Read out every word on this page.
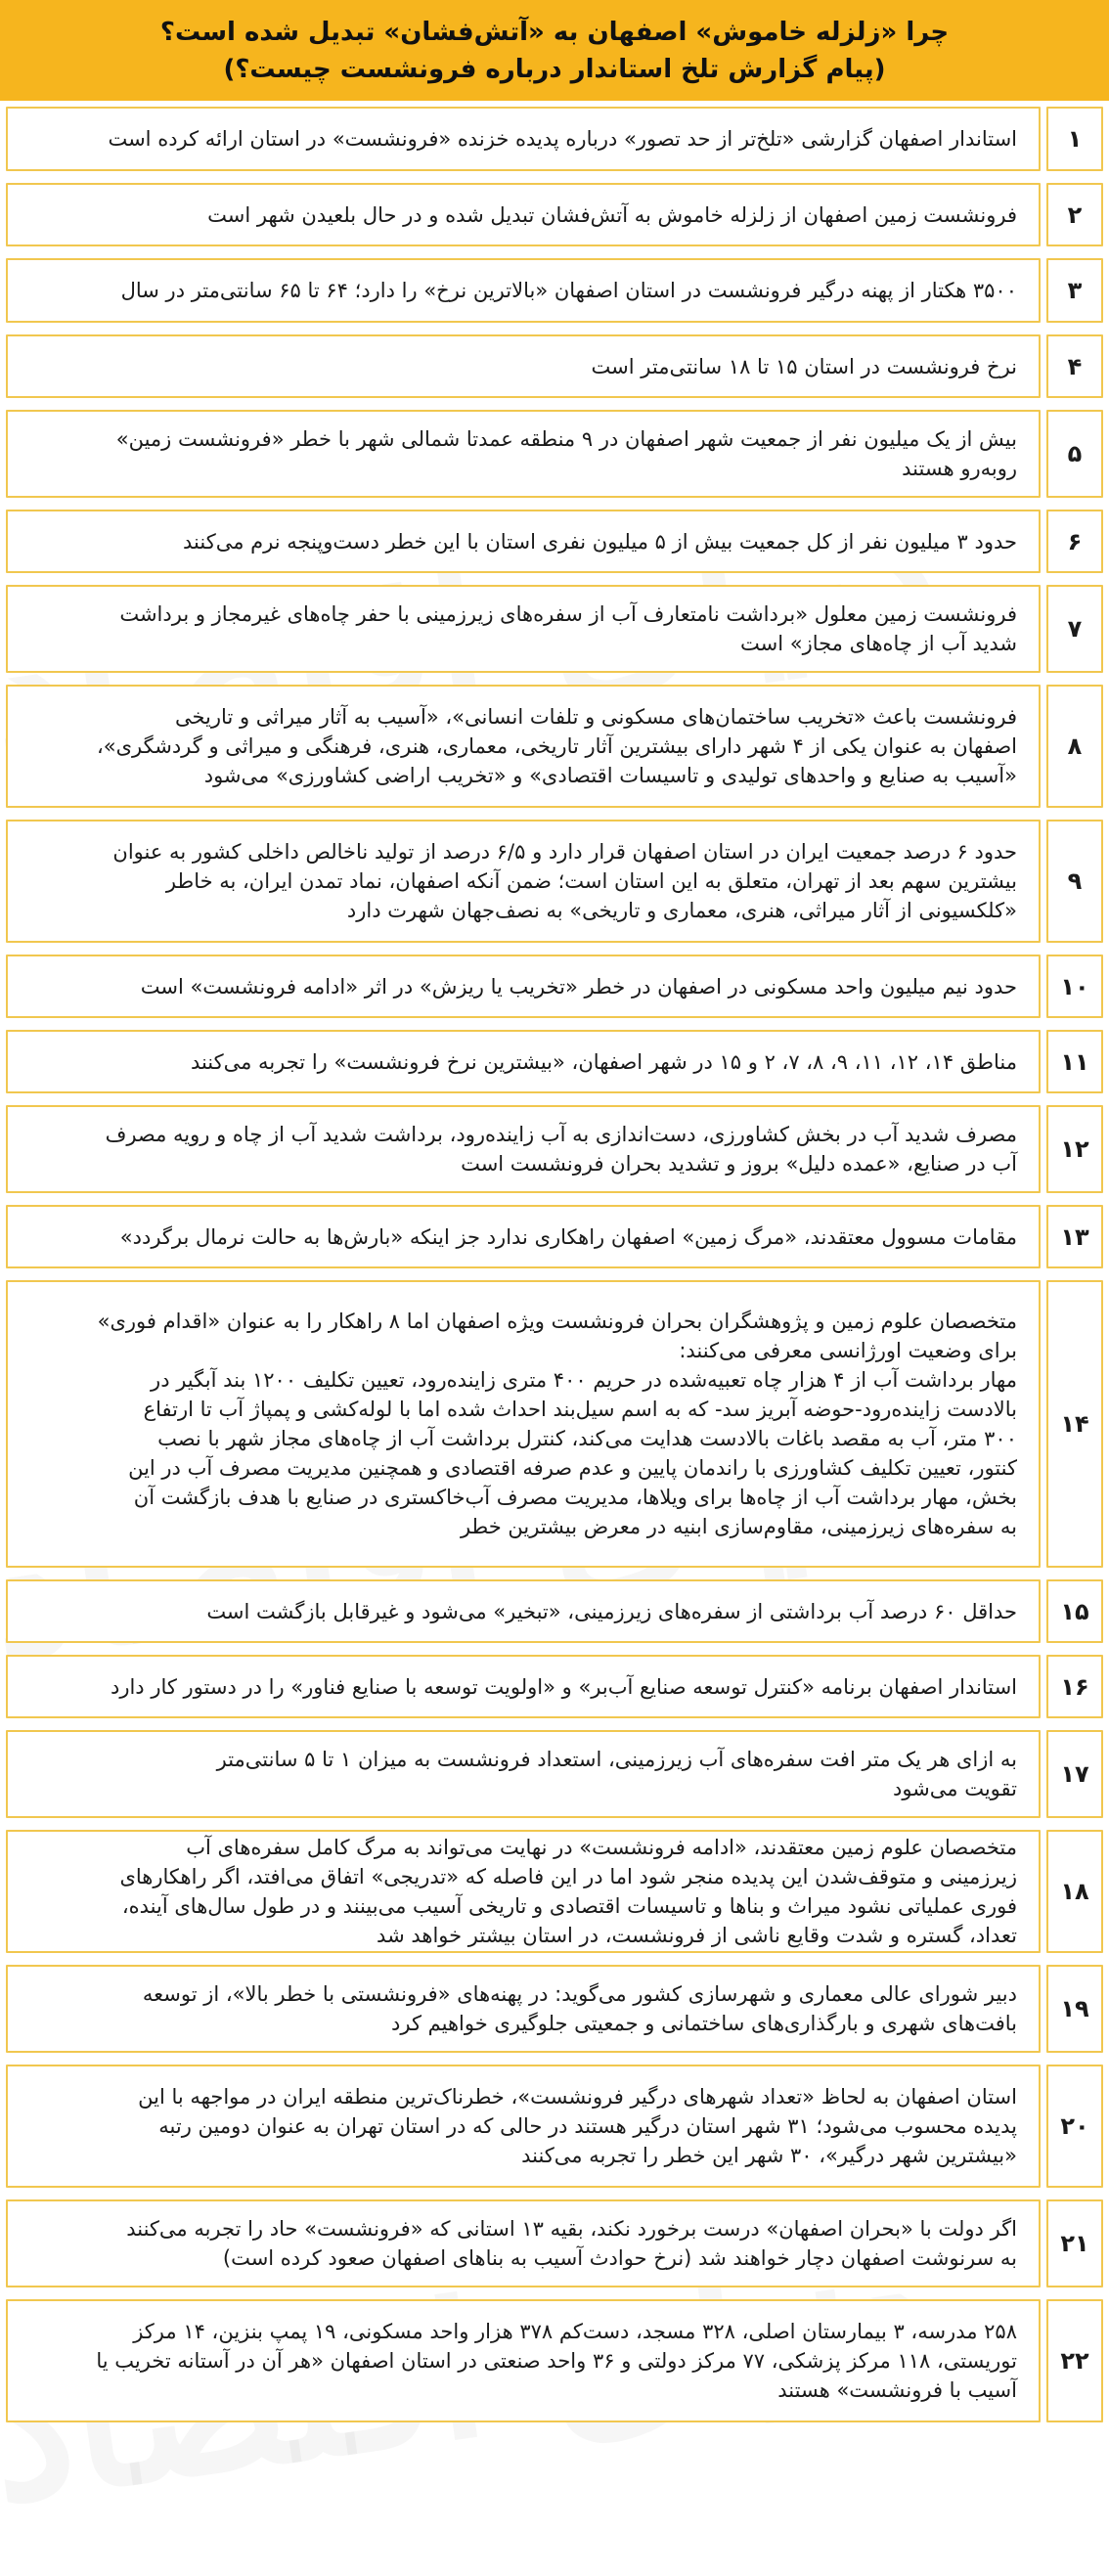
چرا «زلزله خاموش» اصفهان به «آتش‌فشان» تبدیل شده است؟
(پیام گزارش تلخ استاندار درباره فرونشست چیست؟)
۱

استاندار اصفهان گزارشی «تلخ‌تر از حد تصور» درباره پدیده خزنده «فرونشست» در استان ارائه کرده است

۲

فرونشست زمین اصفهان از زلزله خاموش به آتش‌فشان تبدیل شده و در حال بلعیدن شهر است

۳

۳۵۰۰ هکتار از پهنه درگیر فرونشست در استان اصفهان «بالاترین نرخ» را دارد؛ ۶۴ تا ۶۵ سانتی‌متر در سال

۴

نرخ فرونشست در استان ۱۵ تا ۱۸ سانتی‌متر است

۵

بیش از یک میلیون نفر از جمعیت شهر اصفهان در ۹ منطقه عمدتا شمالی شهر با خطر «فرونشست زمین»

روبه‌رو هستند

۶

حدود ۳ میلیون نفر از کل جمعیت بیش از ۵ میلیون نفری استان با این خطر دست‌وپنجه نرم می‌کنند

۷

فرونشست زمین معلول «برداشت نامتعارف آب از سفره‌های زیرزمینی با حفر چاه‌های غیرمجاز و برداشت

شدید آب از چاه‌های مجاز» است

۸

فرونشست باعث «تخریب ساختمان‌های مسکونی و تلفات انسانی»، «آسیب به آثار میراثی و تاریخی

اصفهان به عنوان یکی از ۴ شهر دارای بیشترین آثار تاریخی، معماری، هنری، فرهنگی و میراثی و گردشگری»،

«آسیب به صنایع و واحدهای تولیدی و تاسیسات اقتصادی» و «تخریب اراضی کشاورزی» می‌شود

۹

حدود ۶ درصد جمعیت ایران در استان اصفهان قرار دارد و ۶/۵ درصد از تولید ناخالص داخلی کشور به عنوان

بیشترین سهم بعد از تهران، متعلق به این استان است؛ ضمن آنکه اصفهان، نماد تمدن ایران، به خاطر

«کلکسیونی از آثار میراثی، هنری، معماری و تاریخی» به نصف‌جهان شهرت دارد

۱۰

حدود نیم میلیون واحد مسکونی در اصفهان در خطر «تخریب یا ریزش» در اثر «ادامه فرونشست» است

۱۱

مناطق ۱۴، ۱۲، ۱۱، ۹، ۸، ۷، ۲ و ۱۵ در شهر اصفهان، «بیشترین نرخ فرونشست» را تجربه می‌کنند

۱۲

مصرف شدید آب در بخش کشاورزی، دست‌اندازی به آب زاینده‌رود، برداشت شدید آب از چاه و رویه مصرف

آب در صنایع، «عمده دلیل» بروز و تشدید بحران فرونشست است

۱۳

مقامات مسوول معتقدند، «مرگ زمین» اصفهان راهکاری ندارد جز اینکه «بارش‌ها به حالت نرمال برگردد»

۱۴

متخصصان علوم زمین و پژوهشگران بحران فرونشست ویژه اصفهان اما ۸ راهکار را به عنوان «اقدام فوری»

برای وضعیت اورژانسی معرفی می‌کنند:

مهار برداشت آب از ۴ هزار چاه تعبیه‌شده در حریم ۴۰۰ متری زاینده‌رود، تعیین تکلیف ۱۲۰۰ بند آبگیر در

بالادست زاینده‌رود-حوضه آبریز سد- که به اسم سیل‌بند احداث شده اما با لوله‌کشی و پمپاژ آب تا ارتفاع

۳۰۰ متر، آب به مقصد باغات بالادست هدایت می‌کند، کنترل برداشت آب از چاه‌های مجاز شهر با نصب

کنتور، تعیین تکلیف کشاورزی با راندمان پایین و عدم صرفه اقتصادی و همچنین مدیریت مصرف آب در این

بخش، مهار برداشت آب از چاه‌ها برای ویلاها، مدیریت مصرف آب‌خاکستری در صنایع با هدف بازگشت آن

به سفره‌های زیرزمینی، مقاوم‌سازی ابنیه در معرض بیشترین خطر

۱۵

حداقل ۶۰ درصد آب برداشتی از سفره‌های زیرزمینی، «تبخیر» می‌شود و غیرقابل بازگشت است

۱۶

استاندار اصفهان برنامه «کنترل توسعه صنایع آب‌بر» و «اولویت توسعه با صنایع فناور» را در دستور کار دارد

۱۷

به ازای هر یک متر افت سفره‌های آب زیرزمینی، استعداد فرونشست به میزان ۱ تا ۵ سانتی‌متر

تقویت می‌شود

۱۸

متخصصان علوم زمین معتقدند، «ادامه فرونشست» در نهایت می‌تواند به مرگ کامل سفره‌های آب

زیرزمینی و متوقف‌شدن این پدیده منجر شود اما در این فاصله که «تدریجی» اتفاق می‌افتد، اگر راهکارهای

فوری عملیاتی نشود میراث و بناها و تاسیسات اقتصادی و تاریخی آسیب می‌بینند و در طول سال‌های آینده،

تعداد، گستره و شدت وقایع ناشی از فرونشست، در استان بیشتر خواهد شد

۱۹

دبیر شورای عالی معماری و شهرسازی کشور می‌گوید: در پهنه‌های «فرونشستی با خطر بالا»، از توسعه

بافت‌های شهری و بارگذاری‌های ساختمانی و جمعیتی جلوگیری خواهیم کرد

۲۰

استان اصفهان به لحاظ «تعداد شهرهای درگیر فرونشست»، خطرناک‌ترین منطقه ایران در مواجهه با این

پدیده محسوب می‌شود؛ ۳۱ شهر استان درگیر هستند در حالی که در استان تهران به عنوان دومین رتبه

«بیشترین شهر درگیر»، ۳۰ شهر این خطر را تجربه می‌کنند

۲۱

اگر دولت با «بحران اصفهان» درست برخورد نکند، بقیه ۱۳ استانی که «فرونشست» حاد را تجربه می‌کنند

به سرنوشت اصفهان دچار خواهند شد (نرخ حوادث آسیب به بناهای اصفهان صعود کرده است)

۲۲

۲۵۸ مدرسه، ۳ بیمارستان اصلی، ۳۲۸ مسجد، دست‌کم ۳۷۸ هزار واحد مسکونی، ۱۹ پمپ بنزین، ۱۴ مرکز

توریستی، ۱۱۸ مرکز پزشکی، ۷۷ مرکز دولتی و ۳۶ واحد صنعتی در استان اصفهان «هر آن در آستانه تخریب یا

آسیب با فرونشست» هستند
